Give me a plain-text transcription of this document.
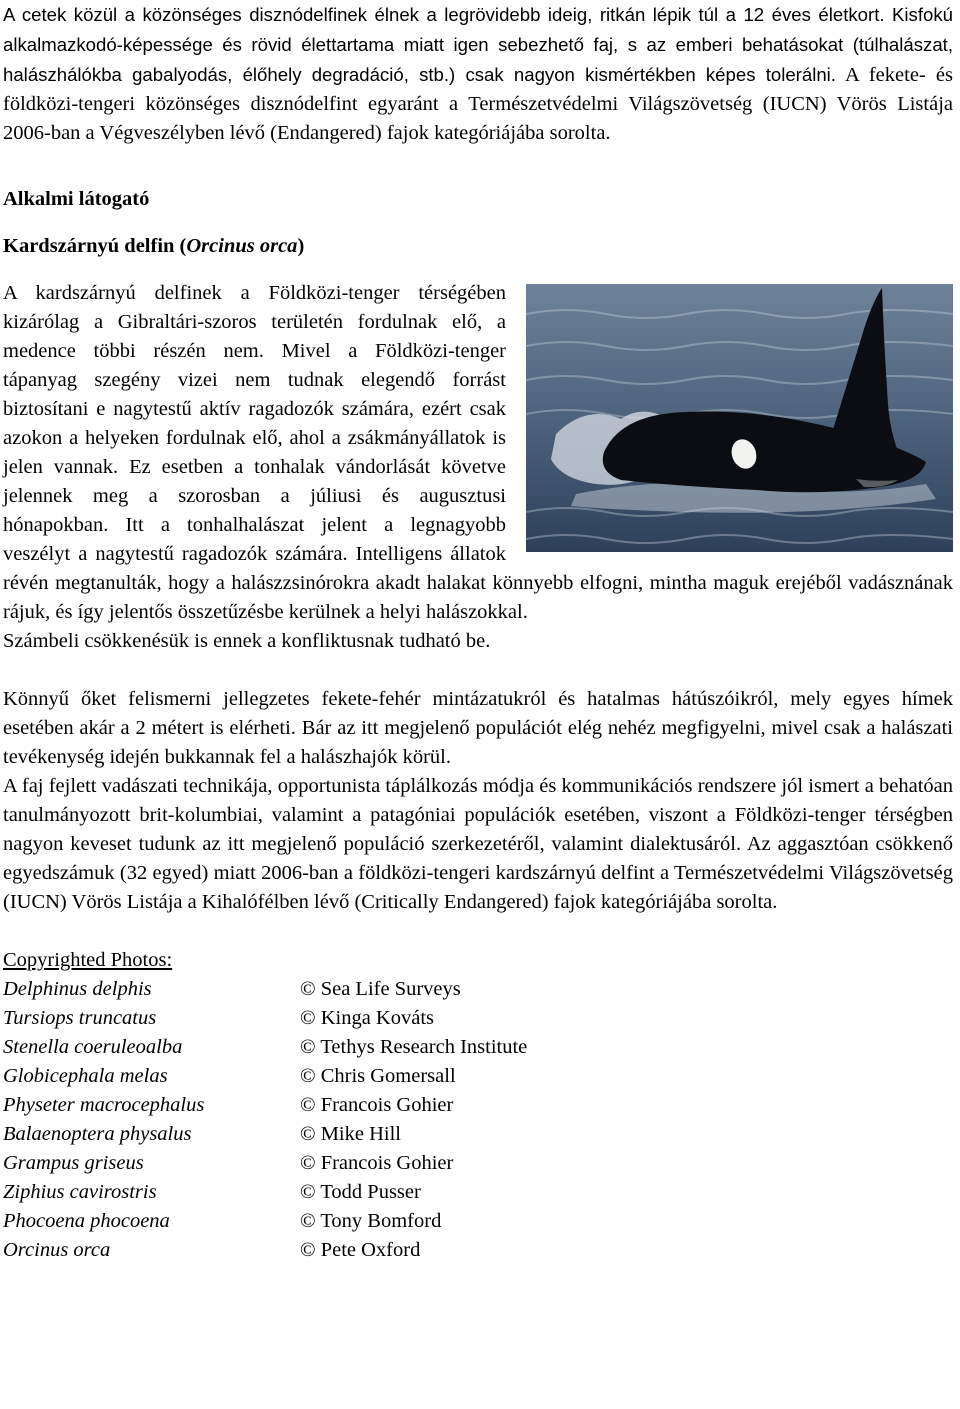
A cetek közül a közönséges disznódelfinek élnek a legrövidebb ideig, ritkán lépik túl a 12 éves életkort. Kisfokú alkalmazkodó-képessége és rövid élettartama miatt igen sebezhető faj, s az emberi behatásokat (túlhalászat, halászhálókba gabalyodás, élőhely degradáció, stb.) csak nagyon kismértékben képes tolerálni. A fekete- és földközi-tengeri közönséges disznódelfint egyaránt a Természetvédelmi Világszövetség (IUCN) Vörös Listája 2006-ban a Végveszélyben lévő (Endangered) fajok kategóriájába sorolta.

Alkalmi látogató

Kardszárnyú delfin (Orcinus orca)

A kardszárnyú delfinek a Földközi-tenger térségében kizárólag a Gibraltári-szoros területén fordulnak elő, a medence többi részén nem. Mivel a Földközi-tenger tápanyag szegény vizei nem tudnak elegendő forrást biztosítani e nagytestű aktív ragadozók számára, ezért csak azokon a helyeken fordulnak elő, ahol a zsákmányállatok is jelen vannak. Ez esetben a tonhalak vándorlását követve jelennek meg a szorosban a júliusi és augusztusi hónapokban. Itt a tonhalhalászat jelent a legnagyobb veszélyt a nagytestű ragadozók számára. Intelligens állatok révén megtanulták, hogy a halászzsinórokra akadt halakat könnyebb elfogni, mintha maguk erejéből vadásznának rájuk, és így jelentős összetűzésbe kerülnek a helyi halászokkal.

Számbeli csökkenésük is ennek a konfliktusnak tudható be.

Könnyű őket felismerni jellegzetes fekete-fehér mintázatukról és hatalmas hátúszóikról, mely egyes hímek esetében akár a 2 métert is elérheti. Bár az itt megjelenő populációt elég nehéz megfigyelni, mivel csak a halászati tevékenység idején bukkannak fel a halászhajók körül.

A faj fejlett vadászati technikája, opportunista táplálkozás módja és kommunikációs rendszere jól ismert a behatóan tanulmányozott brit-kolumbiai, valamint a patagóniai populációk esetében, viszont a Földközi-tenger térségben nagyon keveset tudunk az itt megjelenő populáció szerkezetéről, valamint dialektusáról. Az aggasztóan csökkenő egyedszámuk (32 egyed) miatt 2006-ban a földközi-tengeri kardszárnyú delfint a Természetvédelmi Világszövetség (IUCN) Vörös Listája a Kihalófélben lévő (Critically Endangered) fajok kategóriájába sorolta.

Copyrighted Photos:

Delphinus delphis	© Sea Life Surveys
Tursiops truncatus	© Kinga Kováts
Stenella coeruleoalba	© Tethys Research Institute
Globicephala melas	© Chris Gomersall
Physeter macrocephalus	© Francois Gohier
Balaenoptera physalus	© Mike Hill
Grampus griseus	© Francois Gohier
Ziphius cavirostris	© Todd Pusser
Phocoena phocoena	© Tony Bomford
Orcinus orca	© Pete Oxford
